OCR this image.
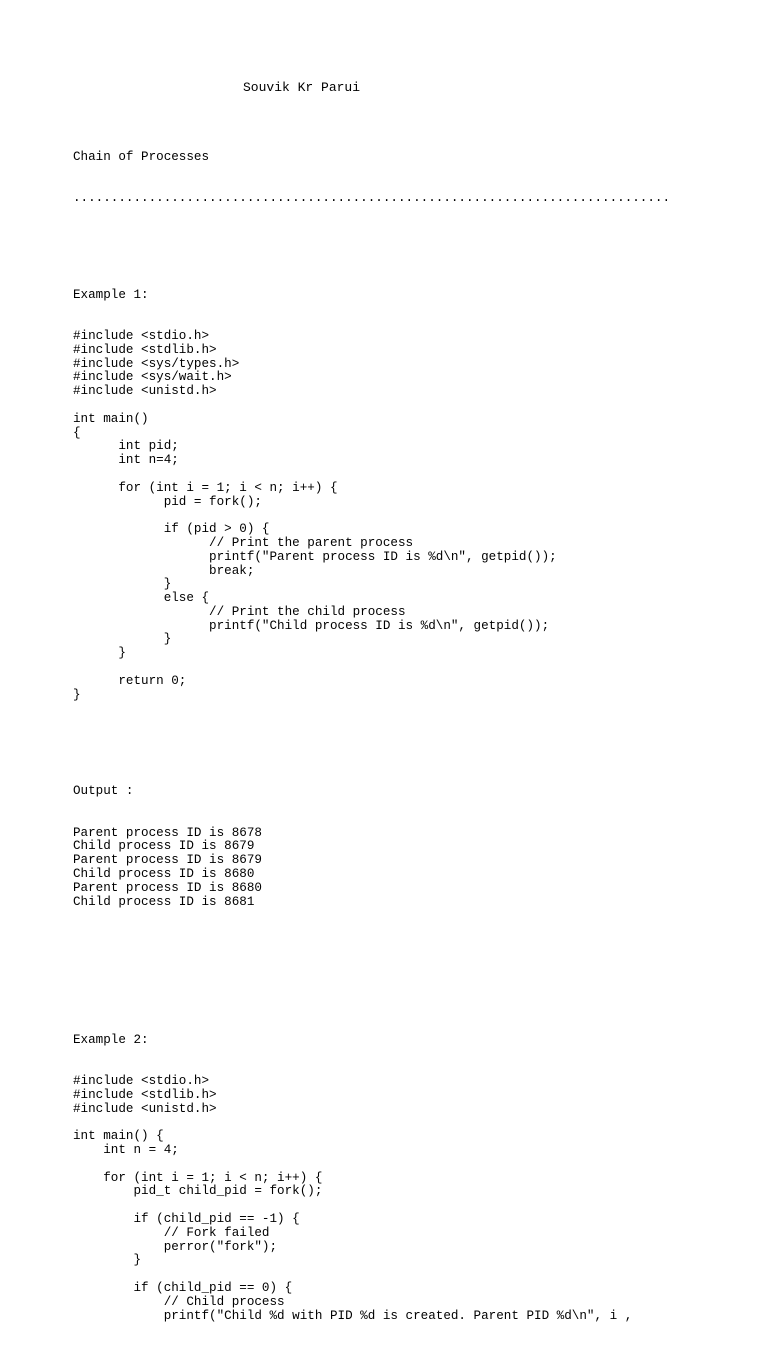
Souvik Kr Parui

Chain of Processes

...............................................................................

Example 1:

#include <stdio.h>
#include <stdlib.h>
#include <sys/types.h>
#include <sys/wait.h>
#include <unistd.h>
int main()
{
int pid;
int n=4;
for (int i = 1; i < n; i++) {
pid = fork();
if (pid > 0) {
// Print the parent process
printf("Parent process ID is %d\n", getpid());
break;
}
else {
// Print the child process
printf("Child process ID is %d\n", getpid());
}
}
return 0;
}

Output :

Parent process ID is 8678
Child process ID is 8679
Parent process ID is 8679
Child process ID is 8680
Parent process ID is 8680
Child process ID is 8681

Example 2:

#include <stdio.h>
#include <stdlib.h>
#include <unistd.h>
int main() {
int n = 4;
for (int i = 1; i < n; i++) {
pid_t child_pid = fork();
if (child_pid == -1) {
// Fork failed
perror("fork");
}
if (child_pid == 0) {
// Child process
printf("Child %d with PID %d is created. Parent PID %d\n", i ,
